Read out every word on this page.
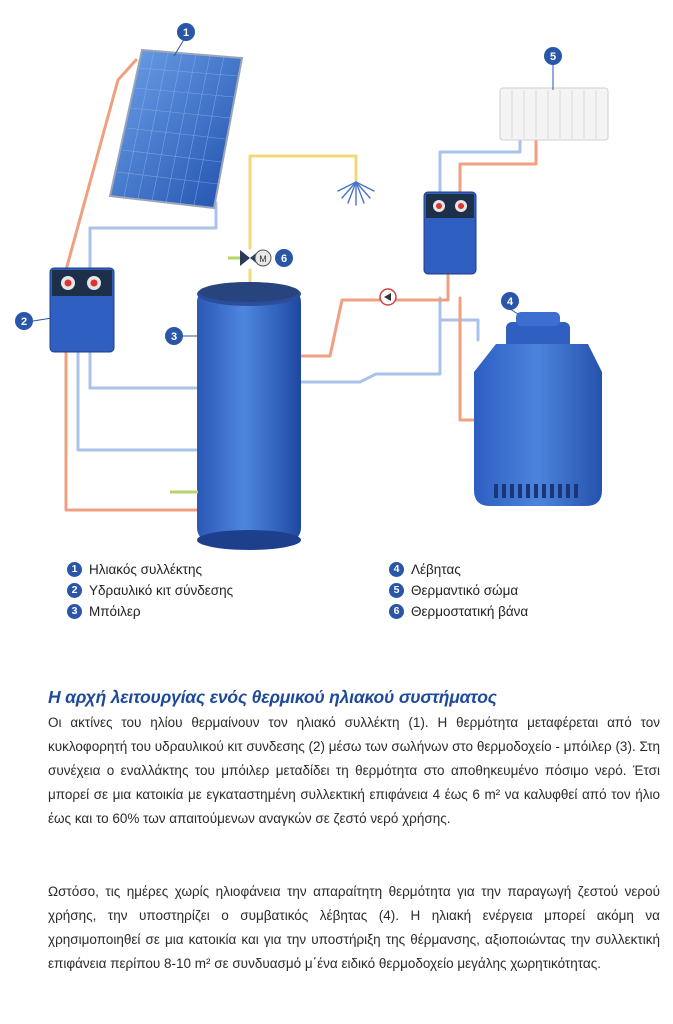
M
1
2
3
4
5
6
1 Ηλιακός συλλέκτης
2 Υδραυλικό κιτ σύνδεσης
3 Μπόιλερ
4 Λέβητας
5 Θερμαντικό σώμα
6 Θερμοστατική βάνα
Η αρχή λειτουργίας ενός θερμικού ηλιακού συστήματος
Οι ακτίνες του ηλίου θερμαίνουν τον ηλιακό συλλέκτη (1). Η θερμότητα μεταφέρεται από τον κυκλοφορητή του υδραυλικού κιτ συνδεσης (2) μέσω των σωλήνων στο θερμοδοχείο - μπόιλερ (3). Στη συνέχεια ο εναλλάκτης του μπόιλερ μεταδίδει τη θερμότητα στο αποθηκευμένο πόσιμο νερό. Έτσι μπορεί σε μια κατοικία με εγκαταστημένη συλλεκτική επιφάνεια 4 έως 6 m² να καλυφθεί από τον ήλιο έως και το 60% των απαιτούμενων αναγκών σε ζεστό νερό χρήσης.
Ωστόσο, τις ημέρες χωρίς ηλιοφάνεια την απαραίτητη θερμότητα για την παραγωγή ζεστού νερού χρήσης, την υποστηρίζει ο συμβατικός λέβητας (4). Η ηλιακή ενέργεια μπορεί ακόμη να χρησιμοποιηθεί σε μια κατοικία και για την υποστήριξη της θέρμανσης, αξιοποιώντας την συλλεκτική επιφάνεια περίπου 8-10 m² σε συνδυασμό μ΄ένα ειδικό θερμοδοχείο μεγάλης χωρητικότητας.
